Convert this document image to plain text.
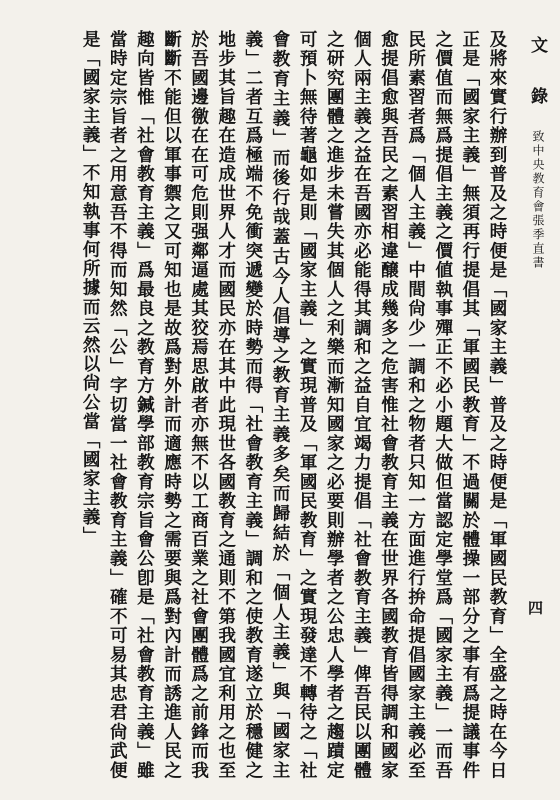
文 錄
致中央教育會張季直書
四

及將來實行辦到普及之時便是「國家主義」普及之時便是「軍國民教育」全盛之時在今日正是「國家主義」無須再行提倡其「軍國民教育」不過關於體操一部分之事有爲提議事件之價值而無爲提倡主義之價値執事殫正不必小題大做但當認定學堂爲「國家主義」一而吾民所素習者爲「個人主義」中間尙少一調和之物者只知一方面進行拚命提倡國家主義必至愈提倡愈與吾民之素習相違醸成幾多之危害惟社會教育主義在世界各國教育皆得調和國家個人兩主義之益在吾國亦必能得其調和之益自宜竭力提倡「社會教育主義」俾吾民以團體之研究團體之進步未嘗失其個人之利樂而漸知國家之必要則辦學者之公忠人學者之趨蹟定可預卜無待著龜如是則「國家主義」之實現普及「軍國民教育」之實現發達不轉待之「社會教育主義」而後行哉蓋古今人倡導之教育主義多矣而歸結於「個人主義」與「國家主義」二者互爲極端不免衝突遞變於時勢而得「社會教育主義」調和之使教育遂立於穩健之地步其旨趣在造成世界人才而國民亦在其中此現世各國教育之通則不第我國宜利用之也至於吾國邊徼在在可危則强鄰逼處其狡焉思啟者亦無不以工商百業之社會團體爲之前鋒而我斷斷不能但以軍事禦之又可知也是故爲對外計而適應時勢之需要與爲對內計而誘進人民之趣向皆惟「社會教育主義」爲最良之教育方鍼學部教育宗旨會公卽是「社會教育主義」雖當時定宗旨者之用意吾不得而知然「公」字切當一社會教育主義」確不可易其忠君尙武便是「國家主義」不知執事何所據而云然以尙公當「國家主義」
